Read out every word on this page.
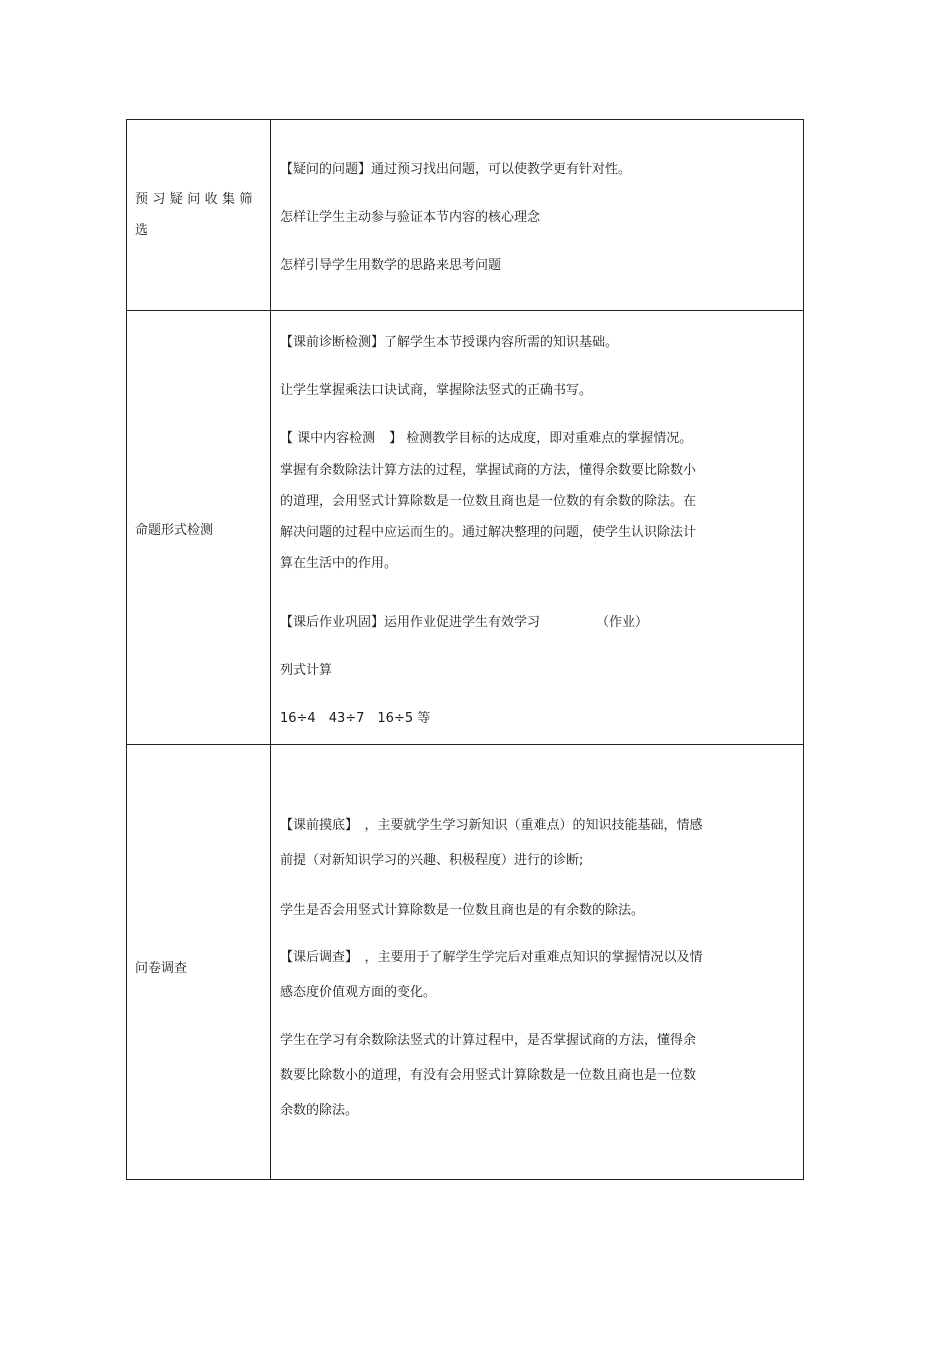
预习疑问收集筛选
【疑问的问题】通过预习找出问题，可以使教学更有针对性。
怎样让学生主动参与验证本节内容的核心理念
怎样引导学生用数学的思路来思考问题
命题形式检测
【课前诊断检测】了解学生本节授课内容所需的知识基础。
让学生掌握乘法口诀试商，掌握除法竖式的正确书写。
【 课中内容检测 】 检测教学目标的达成度，即对重难点的掌握情况。
掌握有余数除法计算方法的过程，掌握试商的方法，懂得余数要比除数小
的道理，会用竖式计算除数是一位数且商也是一位数的有余数的除法。在
解决问题的过程中应运而生的。通过解决整理的问题，使学生认识除法计
算在生活中的作用。
【课后作业巩固】运用作业促进学生有效学习	（作业）
列式计算
16÷4　43÷7　16÷5 等
问卷调查
【课前摸底】　，主要就学生学习新知识（重难点）的知识技能基础，情感
前提（对新知识学习的兴趣、积极程度）进行的诊断;
学生是否会用竖式计算除数是一位数且商也是的有余数的除法。
【课后调查】　，主要用于了解学生学完后对重难点知识的掌握情况以及情
感态度价值观方面的变化。
学生在学习有余数除法竖式的计算过程中，是否掌握试商的方法，懂得余
数要比除数小的道理，有没有会用竖式计算除数是一位数且商也是一位数
余数的除法。
